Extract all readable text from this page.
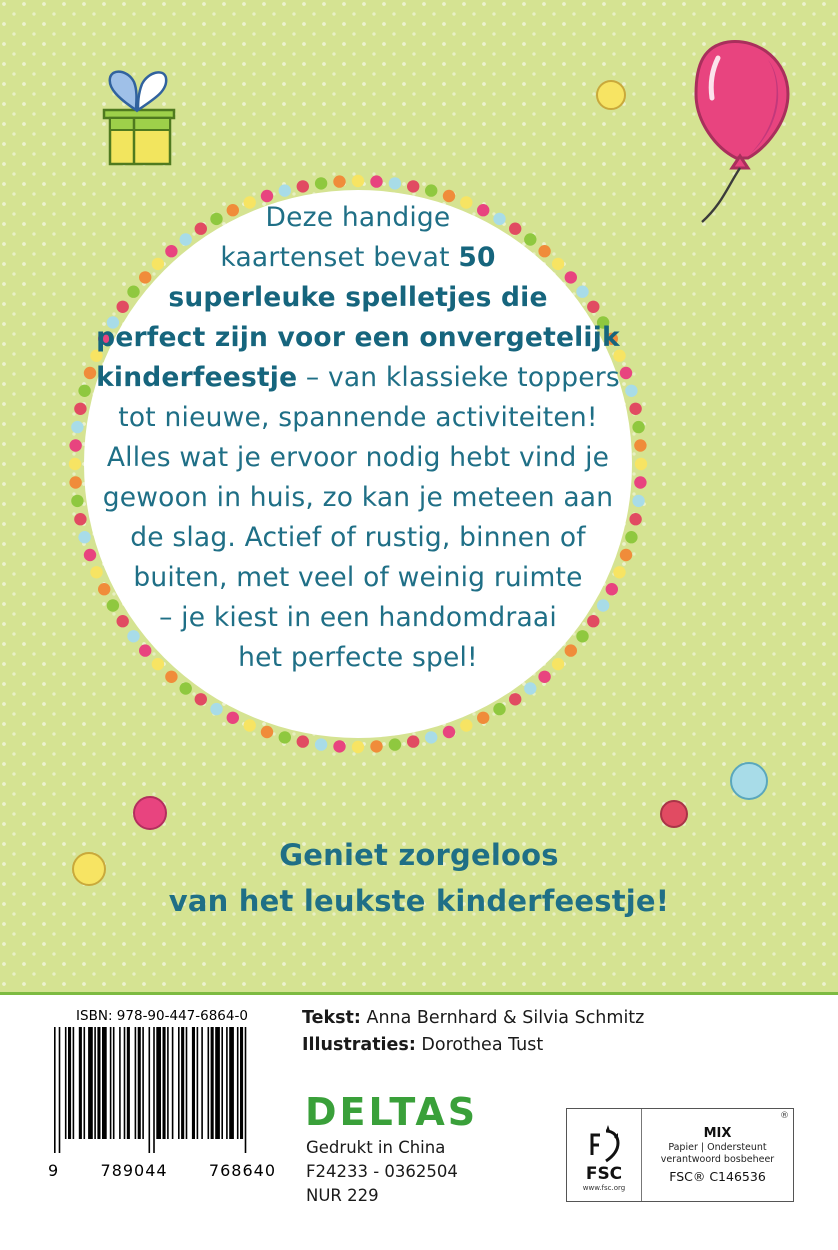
Deze handige
kaartenset bevat 50
superleuke spelletjes die
perfect zijn voor een onvergetelijk
kinderfeestje – van klassieke toppers
tot nieuwe, spannende activiteiten!
Alles wat je ervoor nodig hebt vind je
gewoon in huis, zo kan je meteen aan
de slag. Actief of rustig, binnen of
buiten, met veel of weinig ruimte
– je kiest in een handomdraai
het perfecte spel!
Geniet zorgeloos
van het leukste kinderfeestje!
ISBN: 978-90-447-6864-0
9	789044	768640
Tekst: Anna Bernhard & Silvia Schmitz
Illustraties: Dorothea Tust
DELTAS
Gedrukt in China
F24233 - 0362504
NUR 229
®
FSC
www.fsc.org
MIX
Papier | Ondersteunt
verantwoord bosbeheer
FSC® C146536
